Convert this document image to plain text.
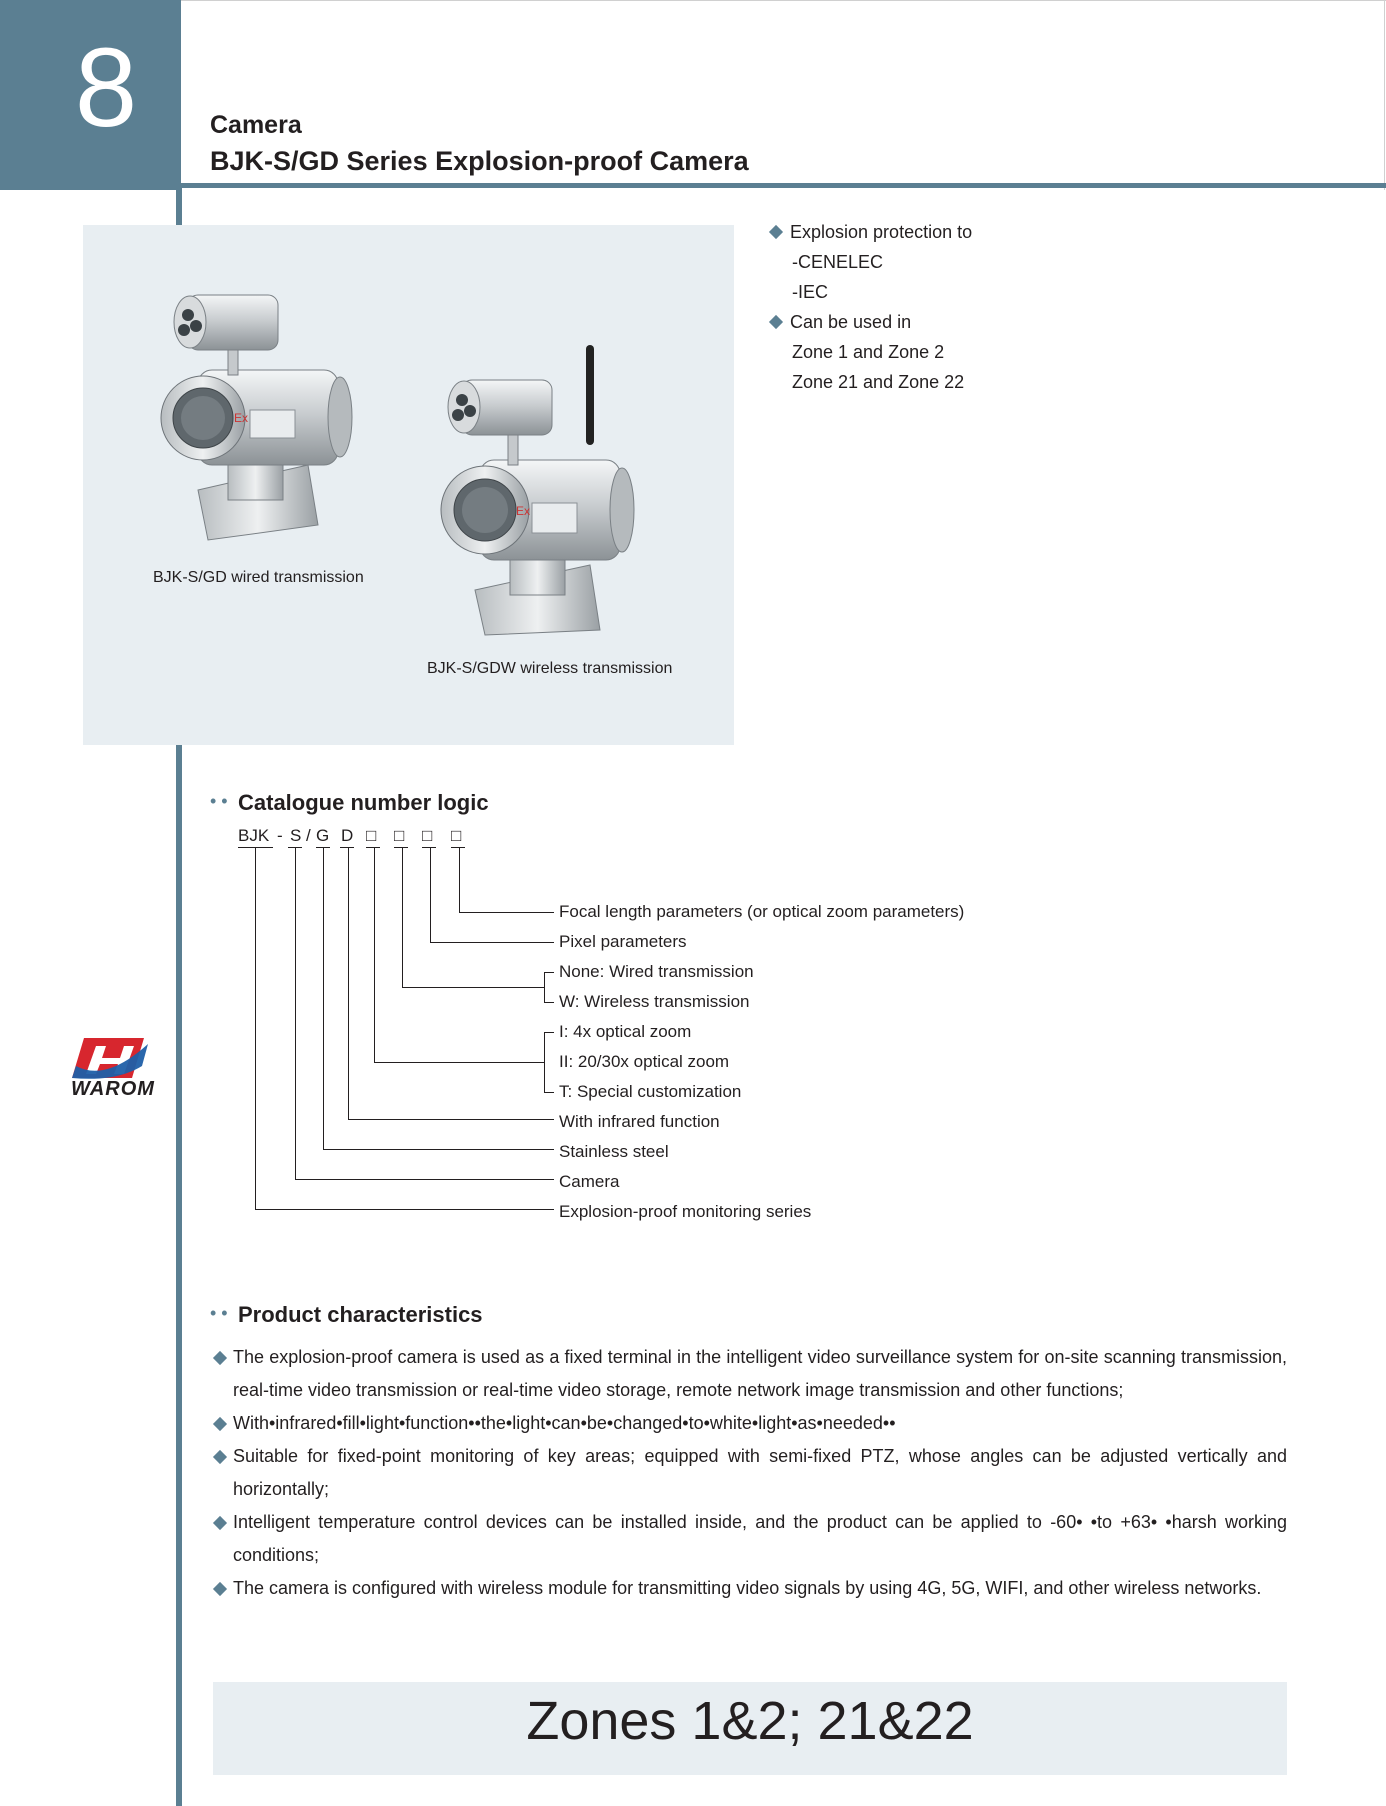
8	Camera
BJK-S/GD Series Explosion-proof Camera
Ex
Ex
BJK-S/GD wired transmission
BJK-S/GDW wireless transmission
Explosion protection to
-CENELEC
-IEC
Can be used in
Zone 1 and Zone 2
Zone 21 and Zone 22
• • Catalogue number logic
BJK - S / G D □ □ □ □
Focal length parameters (or optical zoom parameters)
Pixel parameters
None: Wired transmission
W: Wireless transmission
I: 4x optical zoom
II: 20/30x optical zoom
T: Special customization
With infrared function
Stainless steel
Camera
Explosion-proof monitoring series
WAROM
• • Product characteristics
The explosion-proof camera is used as a fixed terminal in the intelligent video surveillance system for on-site scanning transmission, real-time video transmission or real-time video storage, remote network image transmission and other functions;
With•infrared•fill•light•function••the•light•can•be•changed•to•white•light•as•needed••
Suitable for fixed-point monitoring of key areas; equipped with semi-fixed PTZ, whose angles can be adjusted vertically and horizontally;
Intelligent temperature control devices can be installed inside, and the product can be applied to -60• •to +63• •harsh working conditions;
The camera is configured with wireless module for transmitting video signals by using 4G, 5G, WIFI, and other wireless networks.
Zones 1&2; 21&22
